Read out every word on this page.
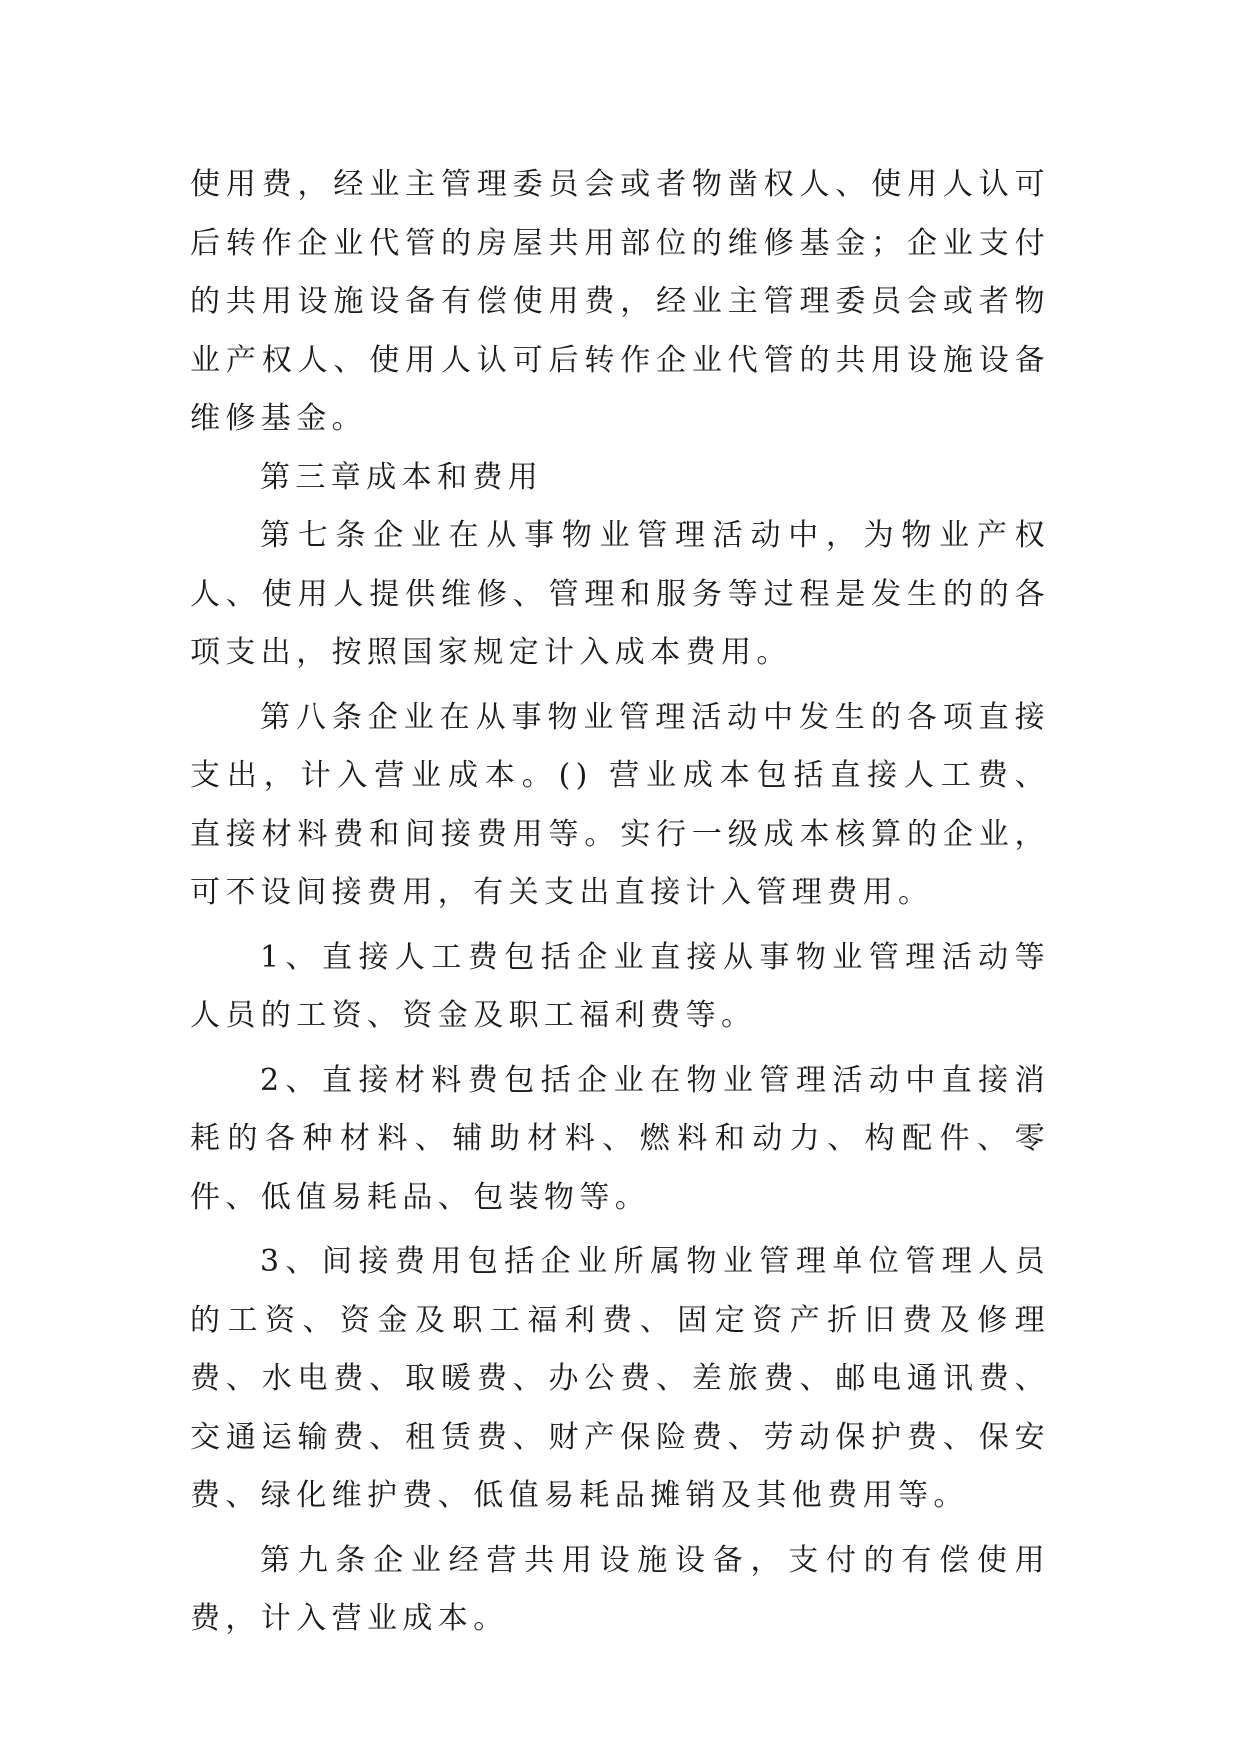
使用费，经业主管理委员会或者物凿权人、使用人认可后转作企业代管的房屋共用部位的维修基金；企业支付的共用设施设备有偿使用费，经业主管理委员会或者物业产权人、使用人认可后转作企业代管的共用设施设备维修基金。

第三章成本和费用

第七条企业在从事物业管理活动中，为物业产权人、使用人提供维修、管理和服务等过程是发生的的各项支出，按照国家规定计入成本费用。

第八条企业在从事物业管理活动中发生的各项直接支出，计入营业成本。() 营业成本包括直接人工费、直接材料费和间接费用等。实行一级成本核算的企业，可不设间接费用，有关支出直接计入管理费用。

1、直接人工费包括企业直接从事物业管理活动等人员的工资、资金及职工福利费等。

2、直接材料费包括企业在物业管理活动中直接消耗的各种材料、辅助材料、燃料和动力、构配件、零件、低值易耗品、包装物等。

3、间接费用包括企业所属物业管理单位管理人员的工资、资金及职工福利费、固定资产折旧费及修理费、水电费、取暖费、办公费、差旅费、邮电通讯费、交通运输费、租赁费、财产保险费、劳动保护费、保安费、绿化维护费、低值易耗品摊销及其他费用等。

第九条企业经营共用设施设备，支付的有偿使用费，计入营业成本。
